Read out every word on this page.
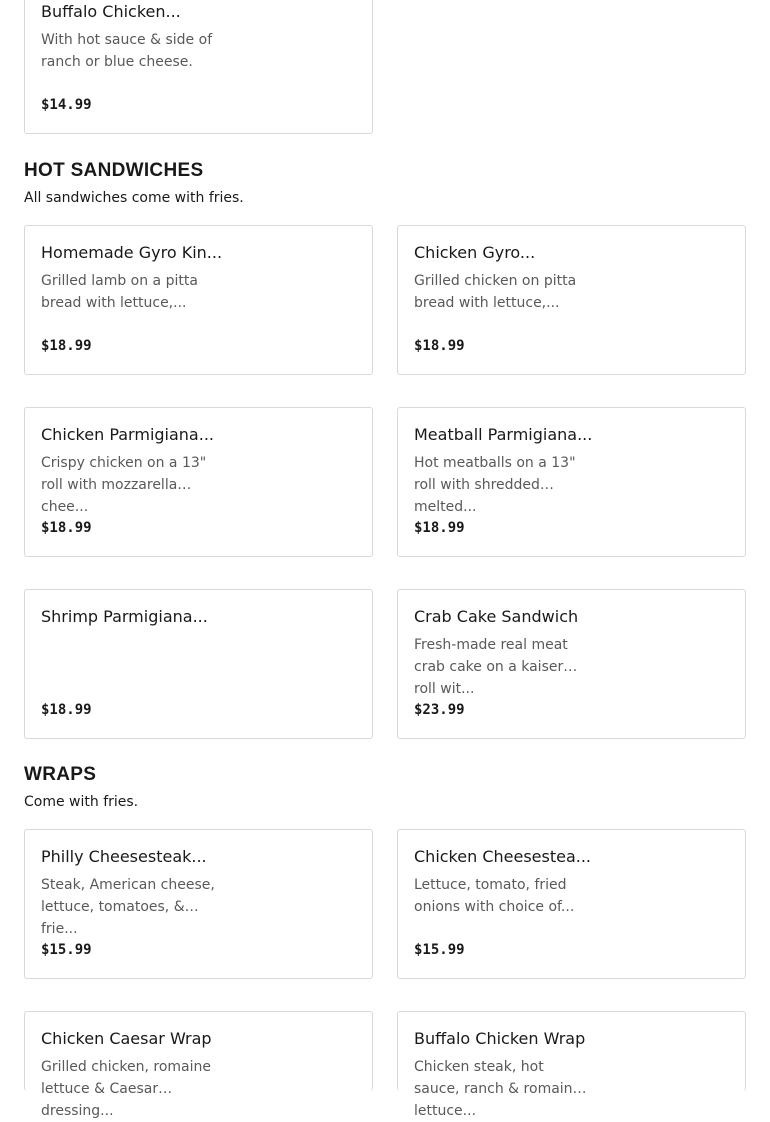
Buffalo Chicken...
With hot sauce & side of ranch or blue cheese.
$14.99
HOT SANDWICHES

All sandwiches come with fries.

Homemade Gyro Kin...
Grilled lamb on a pitta bread with lettuce,...
$18.99
Chicken Gyro...
Grilled chicken on pitta bread with lettuce,...
$18.99
Chicken Parmigiana...
Crispy chicken on a 13" roll with mozzarella chee...
$18.99
Meatball Parmigiana...
Hot meatballs on a 13" roll with shredded melted...
$18.99
Shrimp Parmigiana...
$18.99
Crab Cake Sandwich
Fresh-made real meat crab cake on a kaiser roll wit...
$23.99
WRAPS

Come with fries.

Philly Cheesesteak...
Steak, American cheese, lettuce, tomatoes, & frie...
$15.99
Chicken Cheesestea...
Lettuce, tomato, fried onions with choice of...
$15.99
Chicken Caesar Wrap
Grilled chicken, romaine lettuce & Caesar dressing...
Buffalo Chicken Wrap
Chicken steak, hot sauce, ranch & romaine lettuce...
